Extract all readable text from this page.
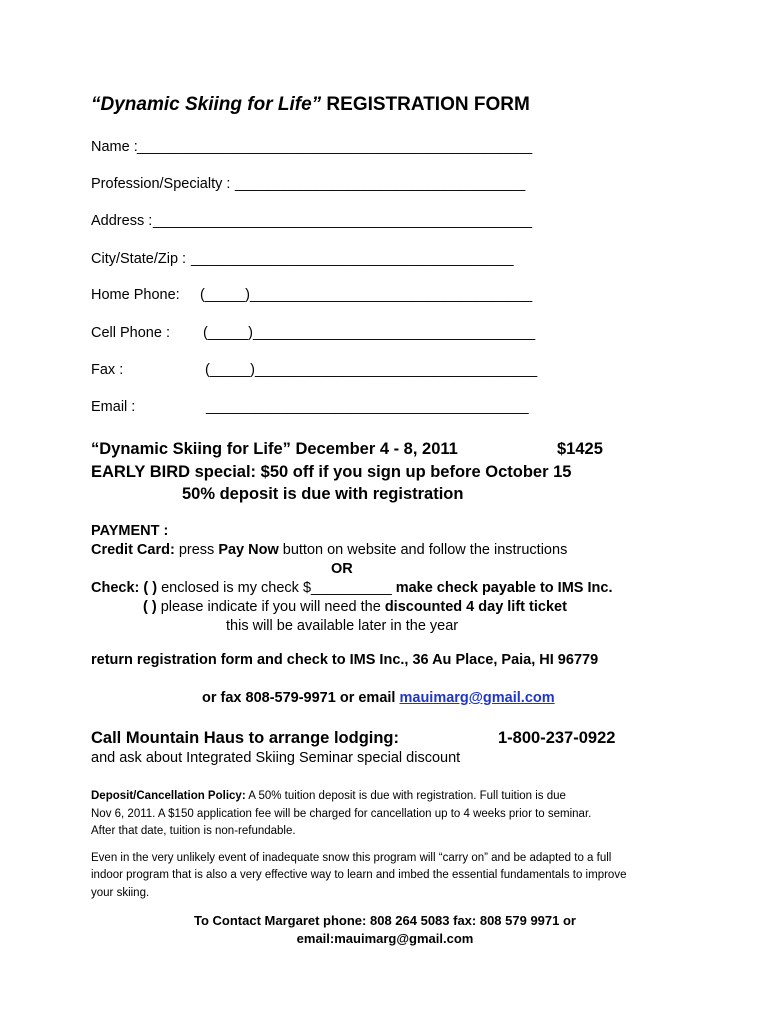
“Dynamic Skiing for Life” REGISTRATION FORM
Name : _________________________________________________
Profession/Specialty : ____________________________________
Address : _______________________________________________
City/State/Zip : ________________________________________
Home Phone: (_____)___________________________________
Cell Phone : (_____)___________________________________
Fax :	(_____)___________________________________
Email :	________________________________________
“Dynamic Skiing for Life” December 4 - 8, 2011	$1425
EARLY BIRD special: $50 off if you sign up before October 15
50% deposit is due with registration
PAYMENT :
Credit Card: press Pay Now button on website and follow the instructions
OR
Check: ( ) enclosed is my check $__________ make check payable to IMS Inc.
( ) please indicate if you will need the discounted 4 day lift ticket
this will be available later in the year
return registration form and check to IMS Inc., 36 Au Place, Paia, HI 96779
or fax 808-579-9971 or email mauimarg@gmail.com
Call Mountain Haus to arrange lodging:	1-800-237-0922
and ask about Integrated Skiing Seminar special discount
Deposit/Cancellation Policy: A 50% tuition deposit is due with registration. Full tuition is due
Nov 6, 2011. A $150 application fee will be charged for cancellation up to 4 weeks prior to seminar.
After that date, tuition is non-refundable.
Even in the very unlikely event of inadequate snow this program will “carry on” and be adapted to a full
indoor program that is also a very effective way to learn and imbed the essential fundamentals to improve
your skiing.
To Contact Margaret phone: 808 264 5083 fax: 808 579 9971 or
email:mauimarg@gmail.com
